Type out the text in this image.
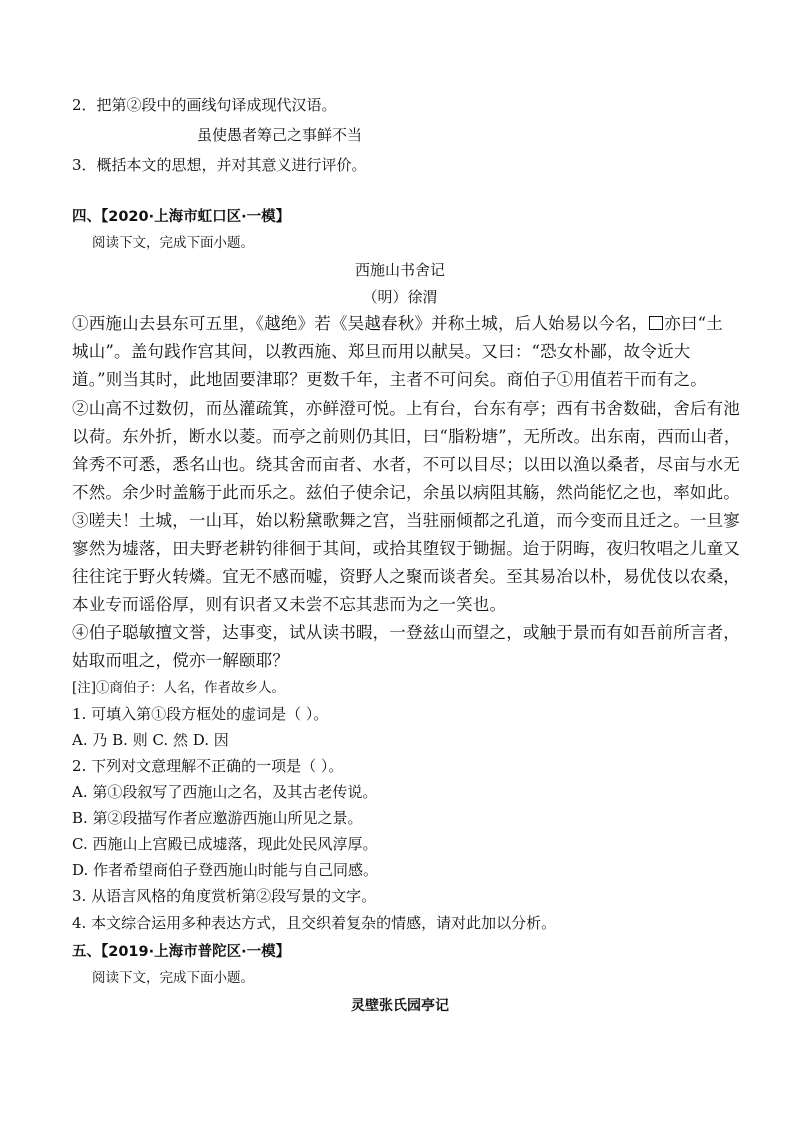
2．把第②段中的画线句译成现代汉语。
虽使愚者筹己之事鲜不当
3．概括本文的思想，并对其意义进行评价。
四、【2020·上海市虹口区·一模】
阅读下文，完成下面小题。
西施山书舍记
（明）徐渭
①西施山去县东可五里，《越绝》若《吴越春秋》并称土城，后人始易以今名， 亦曰“土
城山”。盖句践作宫其间，以教西施、郑旦而用以献吴。又曰：“恐女朴鄙，故令近大
道。”则当其时，此地固要津耶？更数千年，主者不可问矣。商伯子①用值若干而有之。
②山高不过数仞，而丛灌疏箕，亦鲜澄可悦。上有台，台东有亭；西有书舍数础，舍后有池
以荷。东外折，断水以菱。而亭之前则仍其旧，曰“脂粉塘”，无所改。出东南，西而山者，
耸秀不可悉，悉名山也。绕其舍而亩者、水者，不可以目尽；以田以渔以桑者，尽亩与水无
不然。余少时盖觞于此而乐之。兹伯子使余记，余虽以病阻其觞，然尚能忆之也，率如此。
③嗟夫！土城，一山耳，始以粉黛歌舞之宫，当驻丽倾都之孔道，而今变而且迁之。一旦寥
寥然为墟落，田夫野老耕钓徘徊于其间，或拾其堕钗于锄掘。迨于阴晦，夜归牧唱之儿童又
往往诧于野火转燐。宜无不感而嘘，资野人之聚而谈者矣。至其易冶以朴，易优伎以农桑，
本业专而谣俗厚，则有识者又未尝不忘其悲而为之一笑也。
④伯子聪敏擅文誉，达事变，试从读书暇，一登兹山而望之，或触于景而有如吾前所言者，
姑取而咀之，傥亦一解颐耶？
[注]①商伯子：人名，作者故乡人。
1. 可填入第①段方框处的虚词是（ ）。
A. 乃 B. 则 C. 然 D. 因
2. 下列对文意理解不正确的一项是（ ）。
A. 第①段叙写了西施山之名，及其古老传说。
B. 第②段描写作者应邀游西施山所见之景。
C. 西施山上宫殿已成墟落，现此处民风淳厚。
D. 作者希望商伯子登西施山时能与自己同感。
3. 从语言风格的角度赏析第②段写景的文字。
4. 本文综合运用多种表达方式，且交织着复杂的情感，请对此加以分析。
五、【2019·上海市普陀区·一模】
阅读下文，完成下面小题。
灵壁张氏园亭记
